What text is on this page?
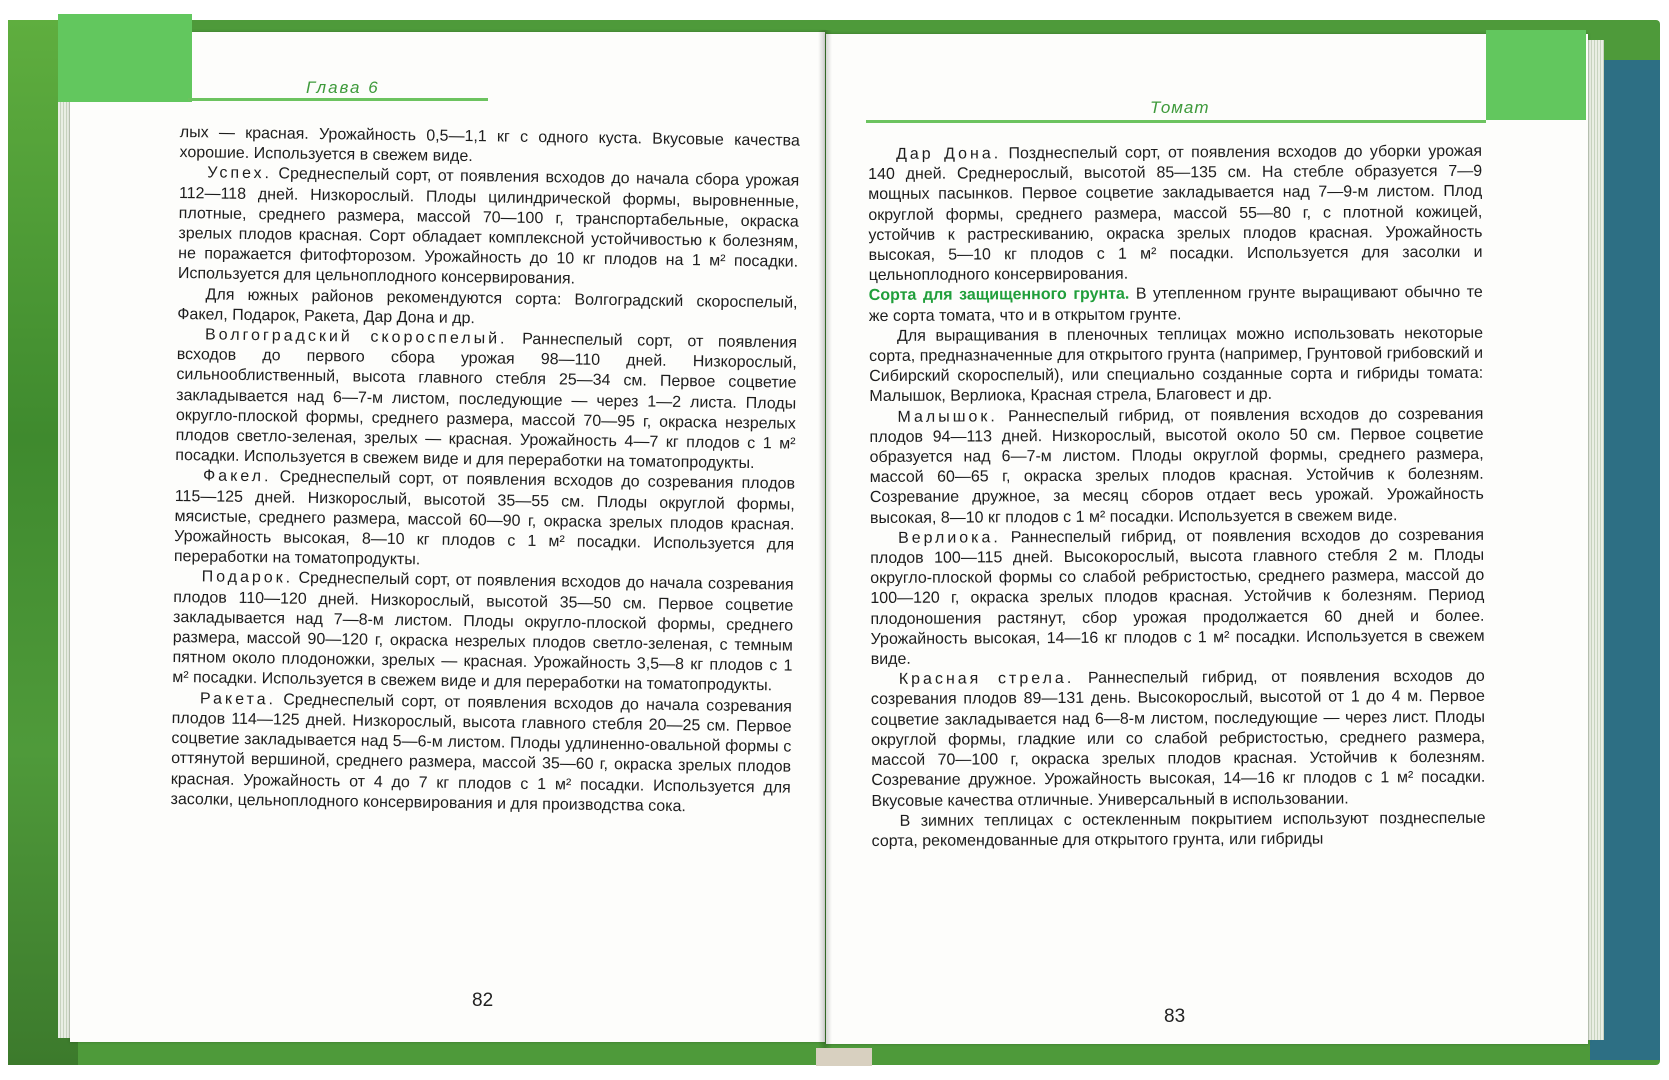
Глава 6
Томат

лых — красная. Урожайность 0,5—1,1 кг с одного куста. Вкусовые качества хорошие. Используется в свежем виде.

Успех. Среднеспелый сорт, от появления всходов до начала сбора урожая 112—118 дней. Низкорослый. Плоды цилиндрической формы, выровненные, плотные, среднего размера, массой 70—100 г, транспортабельные, окраска зрелых плодов красная. Сорт обладает комплексной устойчивостью к болезням, не поражается фитофторозом. Урожайность до 10 кг плодов на 1 м² посадки. Используется для цельноплодного консервирования.

Для южных районов рекомендуются сорта: Волгоградский скороспелый, Факел, Подарок, Ракета, Дар Дона и др.

Волгоградский скороспелый. Раннеспелый сорт, от появления всходов до первого сбора урожая 98—110 дней. Низкорослый, сильнооблиственный, высота главного стебля 25—34 см. Первое соцветие закладывается над 6—7-м листом, последующие — через 1—2 листа. Плоды округло-плоской формы, среднего размера, массой 70—95 г, окраска незрелых плодов светло-зеленая, зрелых — красная. Урожайность 4—7 кг плодов с 1 м² посадки. Используется в свежем виде и для переработки на томатопродукты.

Факел. Среднеспелый сорт, от появления всходов до созревания плодов 115—125 дней. Низкорослый, высотой 35—55 см. Плоды округлой формы, мясистые, среднего размера, массой 60—90 г, окраска зрелых плодов красная. Урожайность высокая, 8—10 кг плодов с 1 м² посадки. Используется для переработки на томатопродукты.

Подарок. Среднеспелый сорт, от появления всходов до начала созревания плодов 110—120 дней. Низкорослый, высотой 35—50 см. Первое соцветие закладывается над 7—8-м листом. Плоды округло-плоской формы, среднего размера, массой 90—120 г, окраска незрелых плодов светло-зеленая, с темным пятном около плодоножки, зрелых — красная. Урожайность 3,5—8 кг плодов с 1 м² посадки. Используется в свежем виде и для переработки на томатопродукты.

Ракета. Среднеспелый сорт, от появления всходов до начала созревания плодов 114—125 дней. Низкорослый, высота главного стебля 20—25 см. Первое соцветие закладывается над 5—6-м листом. Плоды удлиненно-овальной формы с оттянутой вершиной, среднего размера, массой 35—60 г, окраска зрелых плодов красная. Урожайность от 4 до 7 кг плодов с 1 м² посадки. Используется для засолки, цельноплодного консервирования и для производства сока.

Дар Дона. Позднеспелый сорт, от появления всходов до уборки урожая 140 дней. Среднерослый, высотой 85—135 см. На стебле образуется 7—9 мощных пасынков. Первое соцветие закладывается над 7—9-м листом. Плод округлой формы, среднего размера, массой 55—80 г, с плотной кожицей, устойчив к растрескиванию, окраска зрелых плодов красная. Урожайность высокая, 5—10 кг плодов с 1 м² посадки. Используется для засолки и цельноплодного консервирования.

Сорта для защищенного грунта. В утепленном грунте выращивают обычно те же сорта томата, что и в открытом грунте.

Для выращивания в пленочных теплицах можно использовать некоторые сорта, предназначенные для открытого грунта (например, Грунтовой грибовский и Сибирский скороспелый), или специально созданные сорта и гибриды томата: Малышок, Верлиока, Красная стрела, Благовест и др.

Малышок. Раннеспелый гибрид, от появления всходов до созревания плодов 94—113 дней. Низкорослый, высотой около 50 см. Первое соцветие образуется над 6—7-м листом. Плоды округлой формы, среднего размера, массой 60—65 г, окраска зрелых плодов красная. Устойчив к болезням. Созревание дружное, за месяц сборов отдает весь урожай. Урожайность высокая, 8—10 кг плодов с 1 м² посадки. Используется в свежем виде.

Верлиока. Раннеспелый гибрид, от появления всходов до созревания плодов 100—115 дней. Высокорослый, высота главного стебля 2 м. Плоды округло-плоской формы со слабой ребристостью, среднего размера, массой до 100—120 г, окраска зрелых плодов красная. Устойчив к болезням. Период плодоношения растянут, сбор урожая продолжается 60 дней и более. Урожайность высокая, 14—16 кг плодов с 1 м² посадки. Используется в свежем виде.

Красная стрела. Раннеспелый гибрид, от появления всходов до созревания плодов 89—131 день. Высокорослый, высотой от 1 до 4 м. Первое соцветие закладывается над 6—8-м листом, последующие — через лист. Плоды округлой формы, гладкие или со слабой ребристостью, среднего размера, массой 70—100 г, окраска зрелых плодов красная. Устойчив к болезням. Созревание дружное. Урожайность высокая, 14—16 кг плодов с 1 м² посадки. Вкусовые качества отличные. Универсальный в использовании.

В зимних теплицах с остекленным покрытием используют позднеспелые сорта, рекомендованные для открытого грунта, или гибриды

82
83
